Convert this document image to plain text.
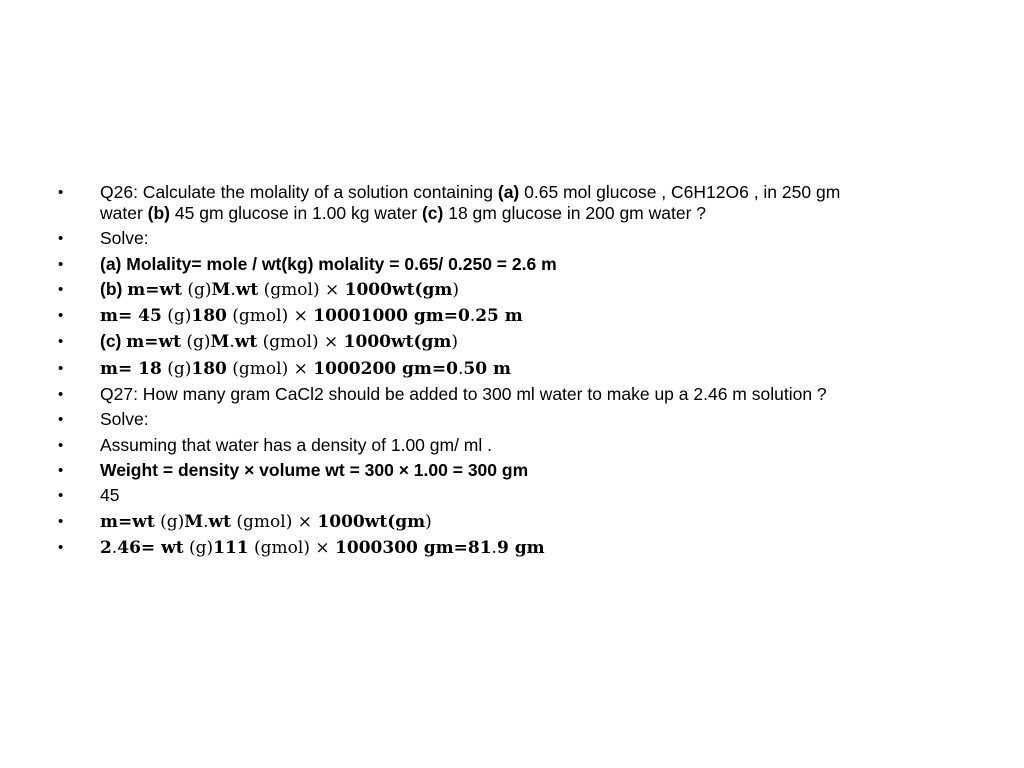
•	Q26: Calculate the molality of a solution containing (a) 0.65 mol glucose , C6H12O6 , in 250 gm
water (b) 45 gm glucose in 1.00 kg water (c) 18 gm glucose in 200 gm water ?
•	Solve:
•	(a) Molality= mole / wt(kg) molality = 0.65/ 0.250 = 2.6 m
•	(b) m=wt (g)M.wt (gmol) × 1000wt(gm)
•	m= 45 (g)180 (gmol) × 10001000 gm=0.25 m
•	(c) m=wt (g)M.wt (gmol) × 1000wt(gm)
•	m= 18 (g)180 (gmol) × 1000200 gm=0.50 m
•	Q27: How many gram CaCl2 should be added to 300 ml water to make up a 2.46 m solution ?
•	Solve:
•	Assuming that water has a density of 1.00 gm/ ml .
•	Weight = density × volume wt = 300 × 1.00 = 300 gm
•	45
•	m=wt (g)M.wt (gmol) × 1000wt(gm)
•	2.46= wt (g)111 (gmol) × 1000300 gm=81.9 gm
